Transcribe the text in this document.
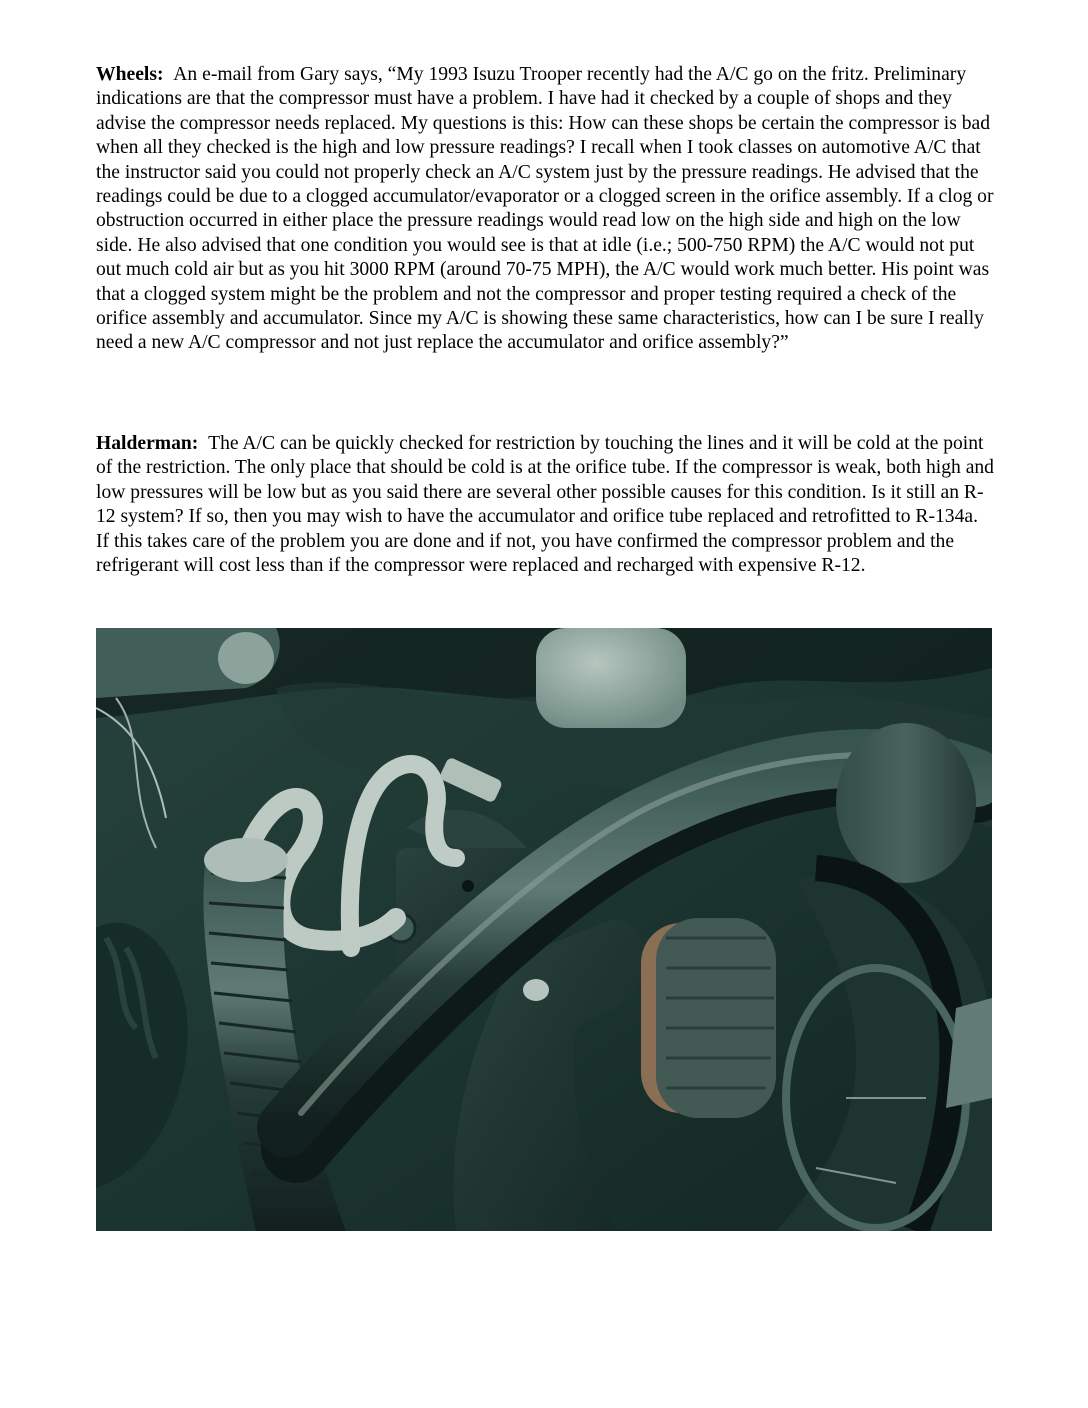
Wheels: An e-mail from Gary says, “My 1993 Isuzu Trooper recently had the A/C go on the fritz. Preliminary indications are that the compressor must have a problem. I have had it checked by a couple of shops and they advise the compressor needs replaced. My questions is this: How can these shops be certain the compressor is bad when all they checked is the high and low pressure readings? I recall when I took classes on automotive A/C that the instructor said you could not properly check an A/C system just by the pressure readings. He advised that the readings could be due to a clogged accumulator/evaporator or a clogged screen in the orifice assembly. If a clog or obstruction occurred in either place the pressure readings would read low on the high side and high on the low side. He also advised that one condition you would see is that at idle (i.e.; 500-750 RPM) the A/C would not put out much cold air but as you hit 3000 RPM (around 70-75 MPH), the A/C would work much better. His point was that a clogged system might be the problem and not the compressor and proper testing required a check of the orifice assembly and accumulator. Since my A/C is showing these same characteristics, how can I be sure I really need a new A/C compressor and not just replace the accumulator and orifice assembly?”

Halderman: The A/C can be quickly checked for restriction by touching the lines and it will be cold at the point of the restriction. The only place that should be cold is at the orifice tube. If the compressor is weak, both high and low pressures will be low but as you said there are several other possible causes for this condition. Is it still an R-12 system? If so, then you may wish to have the accumulator and orifice tube replaced and retrofitted to R-134a. If this takes care of the problem you are done and if not, you have confirmed the compressor problem and the refrigerant will cost less than if the compressor were replaced and recharged with expensive R-12.
